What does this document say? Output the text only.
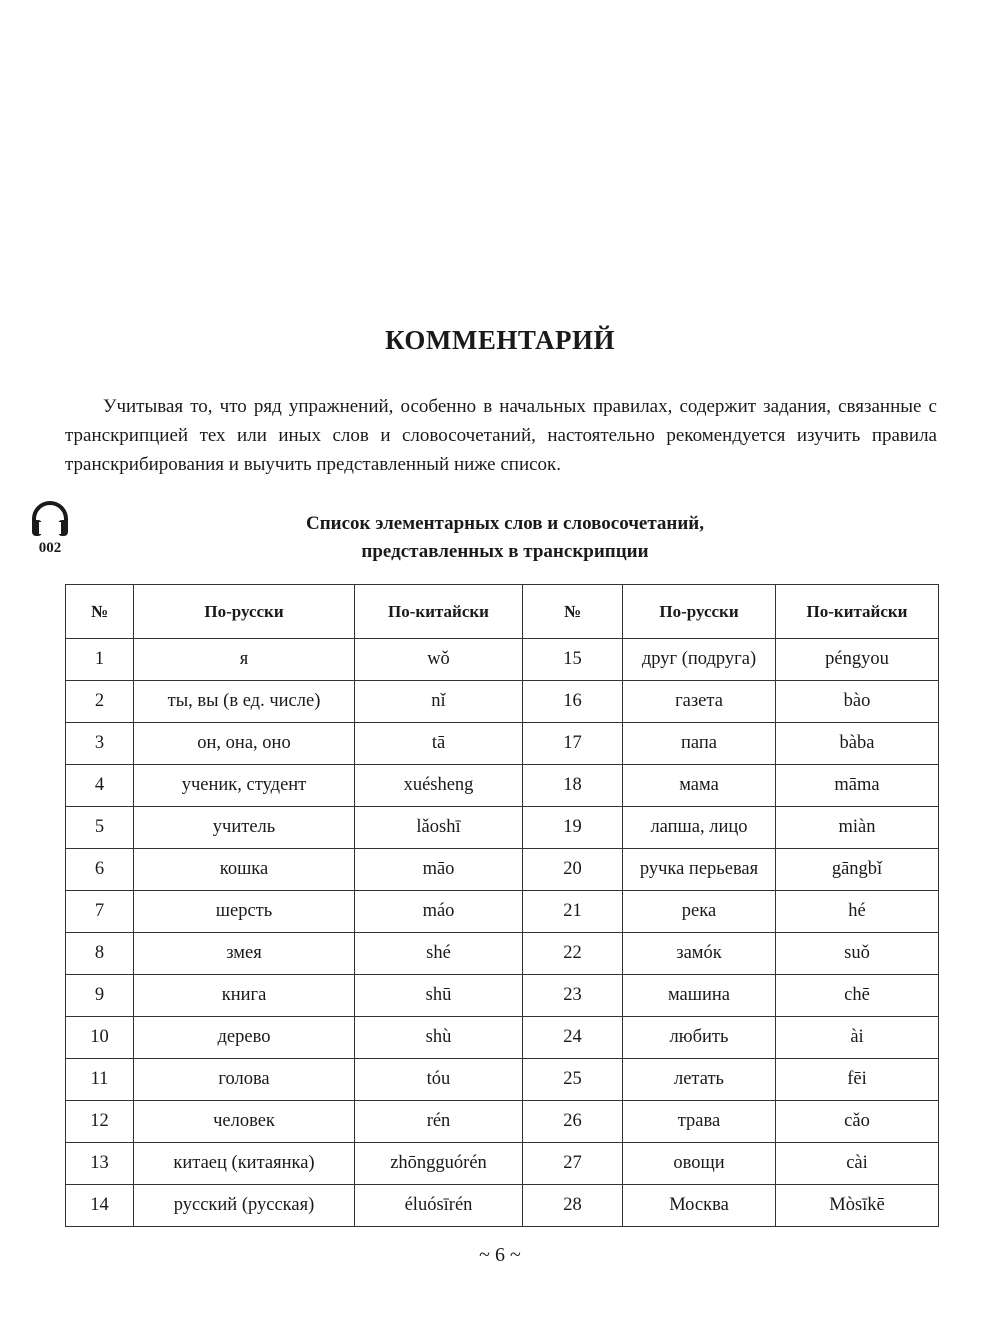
КОММЕНТАРИЙ

Учитывая то, что ряд упражнений, особенно в начальных правилах, содержит задания, связанные с транскрипцией тех или иных слов и словосочетаний, настоятельно рекомендуется изучить правила транскрибирования и выучить представленный ниже список.

002
Список элементарных слов и словосочетаний,
представленных в транскрипции
№	По-русски	По-китайски	№	По-русски	По-китайски
1	я	wǒ	15	друг (подруга)	péngyou
2	ты, вы (в ед. числе)	nǐ	16	газета	bào
3	он, она, оно	tā	17	папа	bàba
4	ученик, студент	xuésheng	18	мама	māma
5	учитель	lǎoshī	19	лапша, лицо	miàn
6	кошка	māo	20	ручка перьевая	gāngbǐ
7	шерсть	máo	21	река	hé
8	змея	shé	22	замóк	suǒ
9	книга	shū	23	машина	chē
10	дерево	shù	24	любить	ài
11	голова	tóu	25	летать	fēi
12	человек	rén	26	трава	cǎo
13	китаец (китаянка)	zhōngguórén	27	овощи	cài
14	русский (русская)	éluósīrén	28	Москва	Mòsīkē
~ 6 ~
